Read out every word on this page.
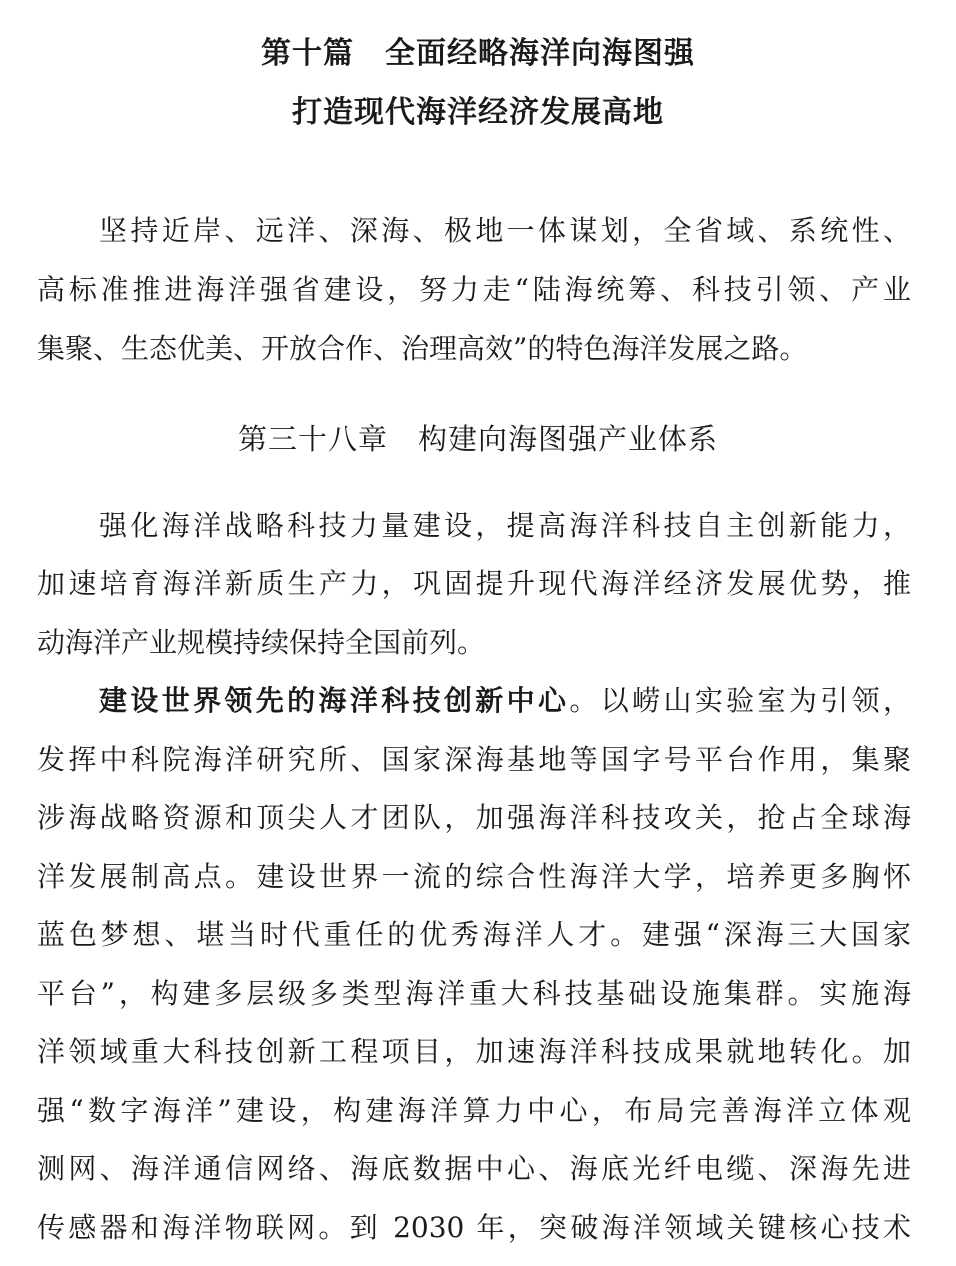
第十篇　全面经略海洋向海图强
打造现代海洋经济发展高地
坚持近岸、远洋、深海、极地一体谋划，全省域、系统性、
高标准推进海洋强省建设，努力走“陆海统筹、科技引领、产业
集聚、生态优美、开放合作、治理高效”的特色海洋发展之路。
第三十八章　构建向海图强产业体系
强化海洋战略科技力量建设，提高海洋科技自主创新能力，
加速培育海洋新质生产力，巩固提升现代海洋经济发展优势，推
动海洋产业规模持续保持全国前列。
建设世界领先的海洋科技创新中心。以崂山实验室为引领，
发挥中科院海洋研究所、国家深海基地等国字号平台作用，集聚
涉海战略资源和顶尖人才团队，加强海洋科技攻关，抢占全球海
洋发展制高点。建设世界一流的综合性海洋大学，培养更多胸怀
蓝色梦想、堪当时代重任的优秀海洋人才。建强“深海三大国家
平台”，构建多层级多类型海洋重大科技基础设施集群。实施海
洋领域重大科技创新工程项目，加速海洋科技成果就地转化。加
强“数字海洋”建设，构建海洋算力中心，布局完善海洋立体观
测网、海洋通信网络、海底数据中心、海底光纤电缆、深海先进
传感器和海洋物联网。到 2030 年，突破海洋领域关键核心技术
